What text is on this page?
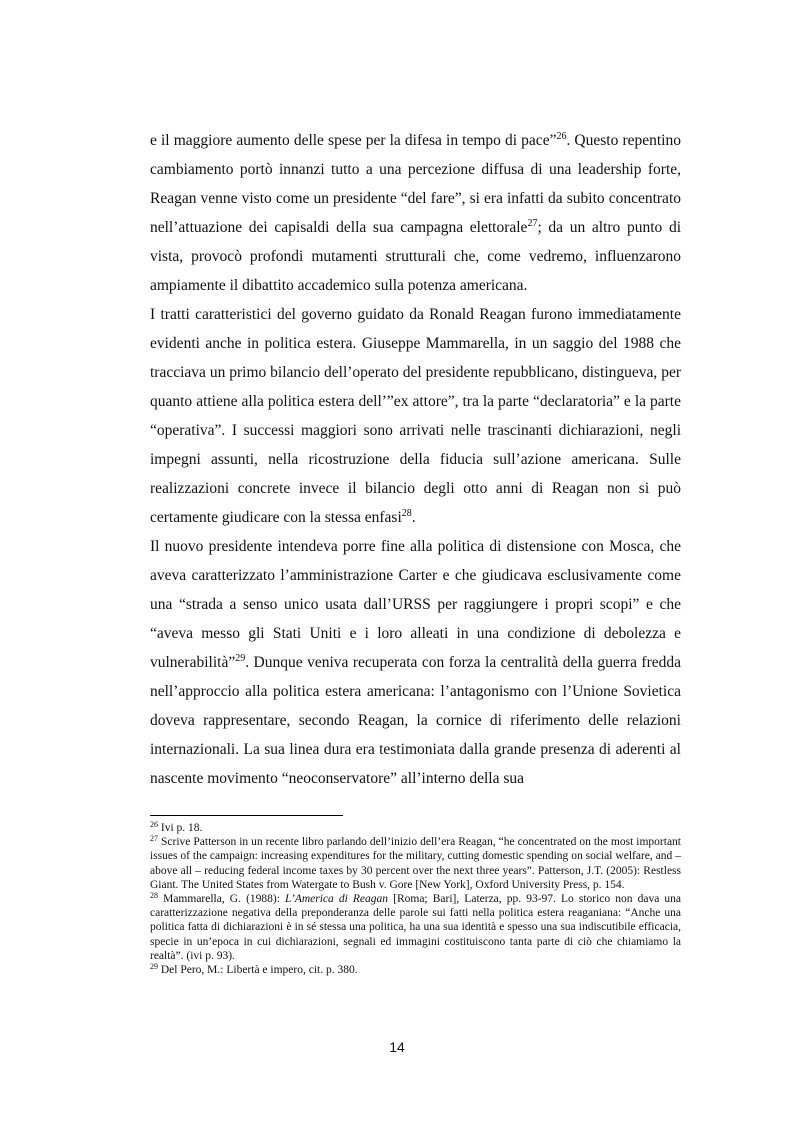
e il maggiore aumento delle spese per la difesa in tempo di pace”$^{26}$. Questo repentino cambiamento portò innanzi tutto a una percezione diffusa di una leadership forte, Reagan venne visto come un presidente “del fare”, si era infatti da subito concentrato nell’attuazione dei capisaldi della sua campagna elettorale$^{27}$; da un altro punto di vista, provocò profondi mutamenti strutturali che, come vedremo, influenzarono ampiamente il dibattito accademico sulla potenza americana.

I tratti caratteristici del governo guidato da Ronald Reagan furono immediatamente evidenti anche in politica estera. Giuseppe Mammarella, in un saggio del 1988 che tracciava un primo bilancio dell’operato del presidente repubblicano, distingueva, per quanto attiene alla politica estera dell’”ex attore”, tra la parte “declaratoria” e la parte “operativa”. I successi maggiori sono arrivati nelle trascinanti dichiarazioni, negli impegni assunti, nella ricostruzione della fiducia sull’azione americana. Sulle realizzazioni concrete invece il bilancio degli otto anni di Reagan non si può certamente giudicare con la stessa enfasi$^{28}$.

Il nuovo presidente intendeva porre fine alla politica di distensione con Mosca, che aveva caratterizzato l’amministrazione Carter e che giudicava esclusivamente come una “strada a senso unico usata dall’URSS per raggiungere i propri scopi” e che “aveva messo gli Stati Uniti e i loro alleati in una condizione di debolezza e vulnerabilità”$^{29}$. Dunque veniva recuperata con forza la centralità della guerra fredda nell’approccio alla politica estera americana: l’antagonismo con l’Unione Sovietica doveva rappresentare, secondo Reagan, la cornice di riferimento delle relazioni internazionali. La sua linea dura era testimoniata dalla grande presenza di aderenti al nascente movimento “neoconservatore” all’interno della sua

$^{26}$ Ivi p. 18.

$^{27}$ Scrive Patterson in un recente libro parlando dell’inizio dell’era Reagan, “he concentrated on the most important issues of the campaign: increasing expenditures for the military, cutting domestic spending on social welfare, and – above all – reducing federal income taxes by 30 percent over the next three years”. Patterson, J.T. (2005): Restless Giant. The United States from Watergate to Bush v. Gore [New York], Oxford University Press, p. 154.

$^{28}$ Mammarella, G. (1988): L’America di Reagan [Roma; Bari], Laterza, pp. 93-97. Lo storico non dava una caratterizzazione negativa della preponderanza delle parole sui fatti nella politica estera reaganiana: “Anche una politica fatta di dichiarazioni è in sé stessa una politica, ha una sua identità e spesso una sua indiscutibile efficacia, specie in un’epoca in cui dichiarazioni, segnali ed immagini costituiscono tanta parte di ciò che chiamiamo la realtà”. (ivi p. 93).

$^{29}$ Del Pero, M.: Libertà e impero, cit. p. 380.

14
